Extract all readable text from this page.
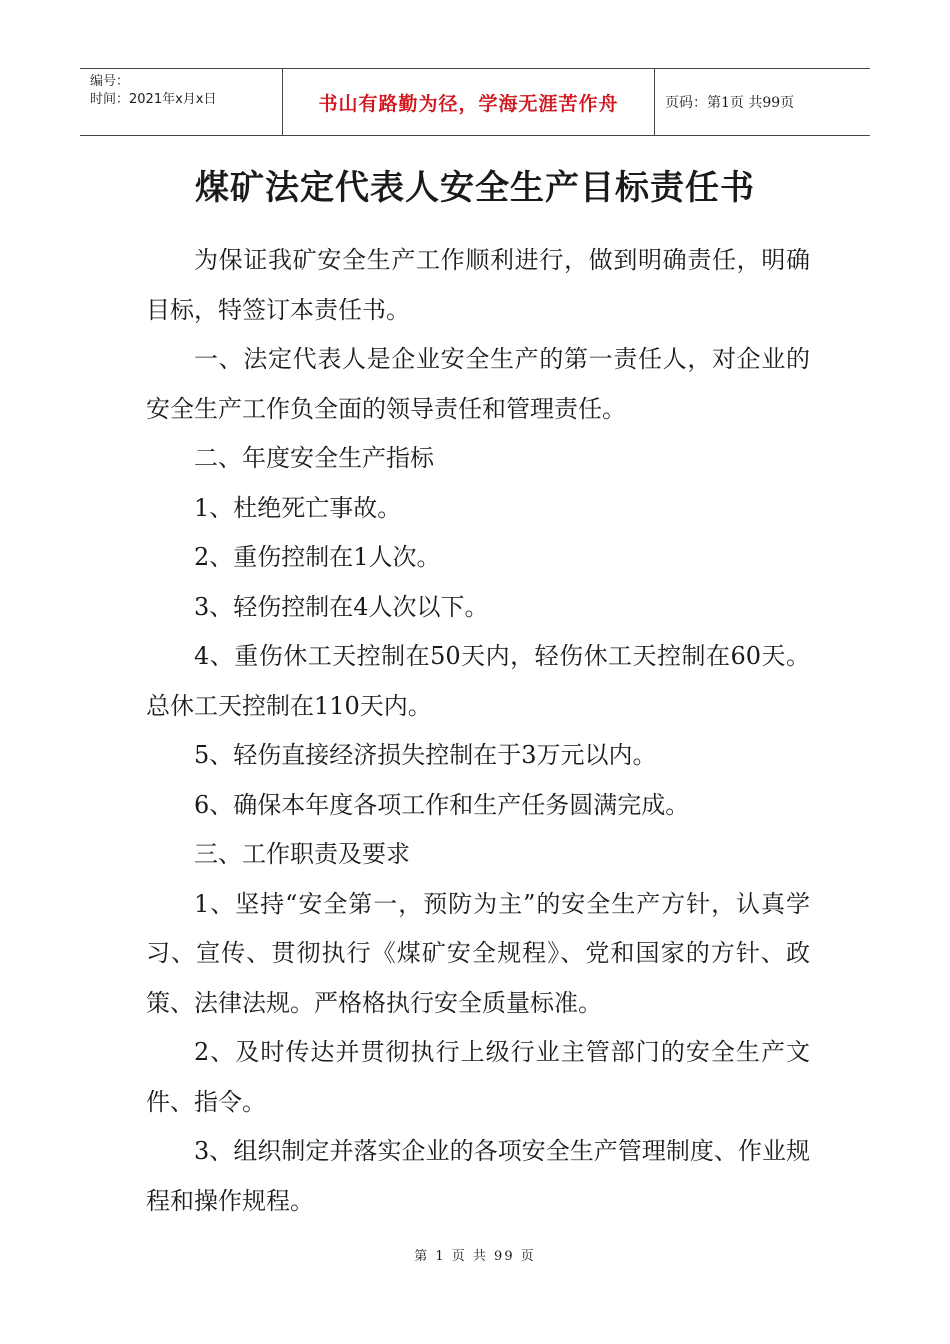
编号：
时间：2021年x月x日	书山有路勤为径，学海无涯苦作舟	页码：第1页 共99页
煤矿法定代表人安全生产目标责任书

为保证我矿安全生产工作顺利进行，做到明确责任，明确目标，特签订本责任书。

一、法定代表人是企业安全生产的第一责任人，对企业的安全生产工作负全面的领导责任和管理责任。

二、年度安全生产指标

1、杜绝死亡事故。

2、重伤控制在1人次。

3、轻伤控制在4人次以下。

4、重伤休工天控制在50天内，轻伤休工天控制在60天。总休工天控制在110天内。

5、轻伤直接经济损失控制在于3万元以内。

6、确保本年度各项工作和生产任务圆满完成。

三、工作职责及要求

1、坚持“安全第一，预防为主”的安全生产方针，认真学习、宣传、贯彻执行《煤矿安全规程》、党和国家的方针、政策、法律法规。严格格执行安全质量标准。

2、及时传达并贯彻执行上级行业主管部门的安全生产文件、指令。

3、组织制定并落实企业的各项安全生产管理制度、作业规程和操作规程。

第 1 页 共 99 页
